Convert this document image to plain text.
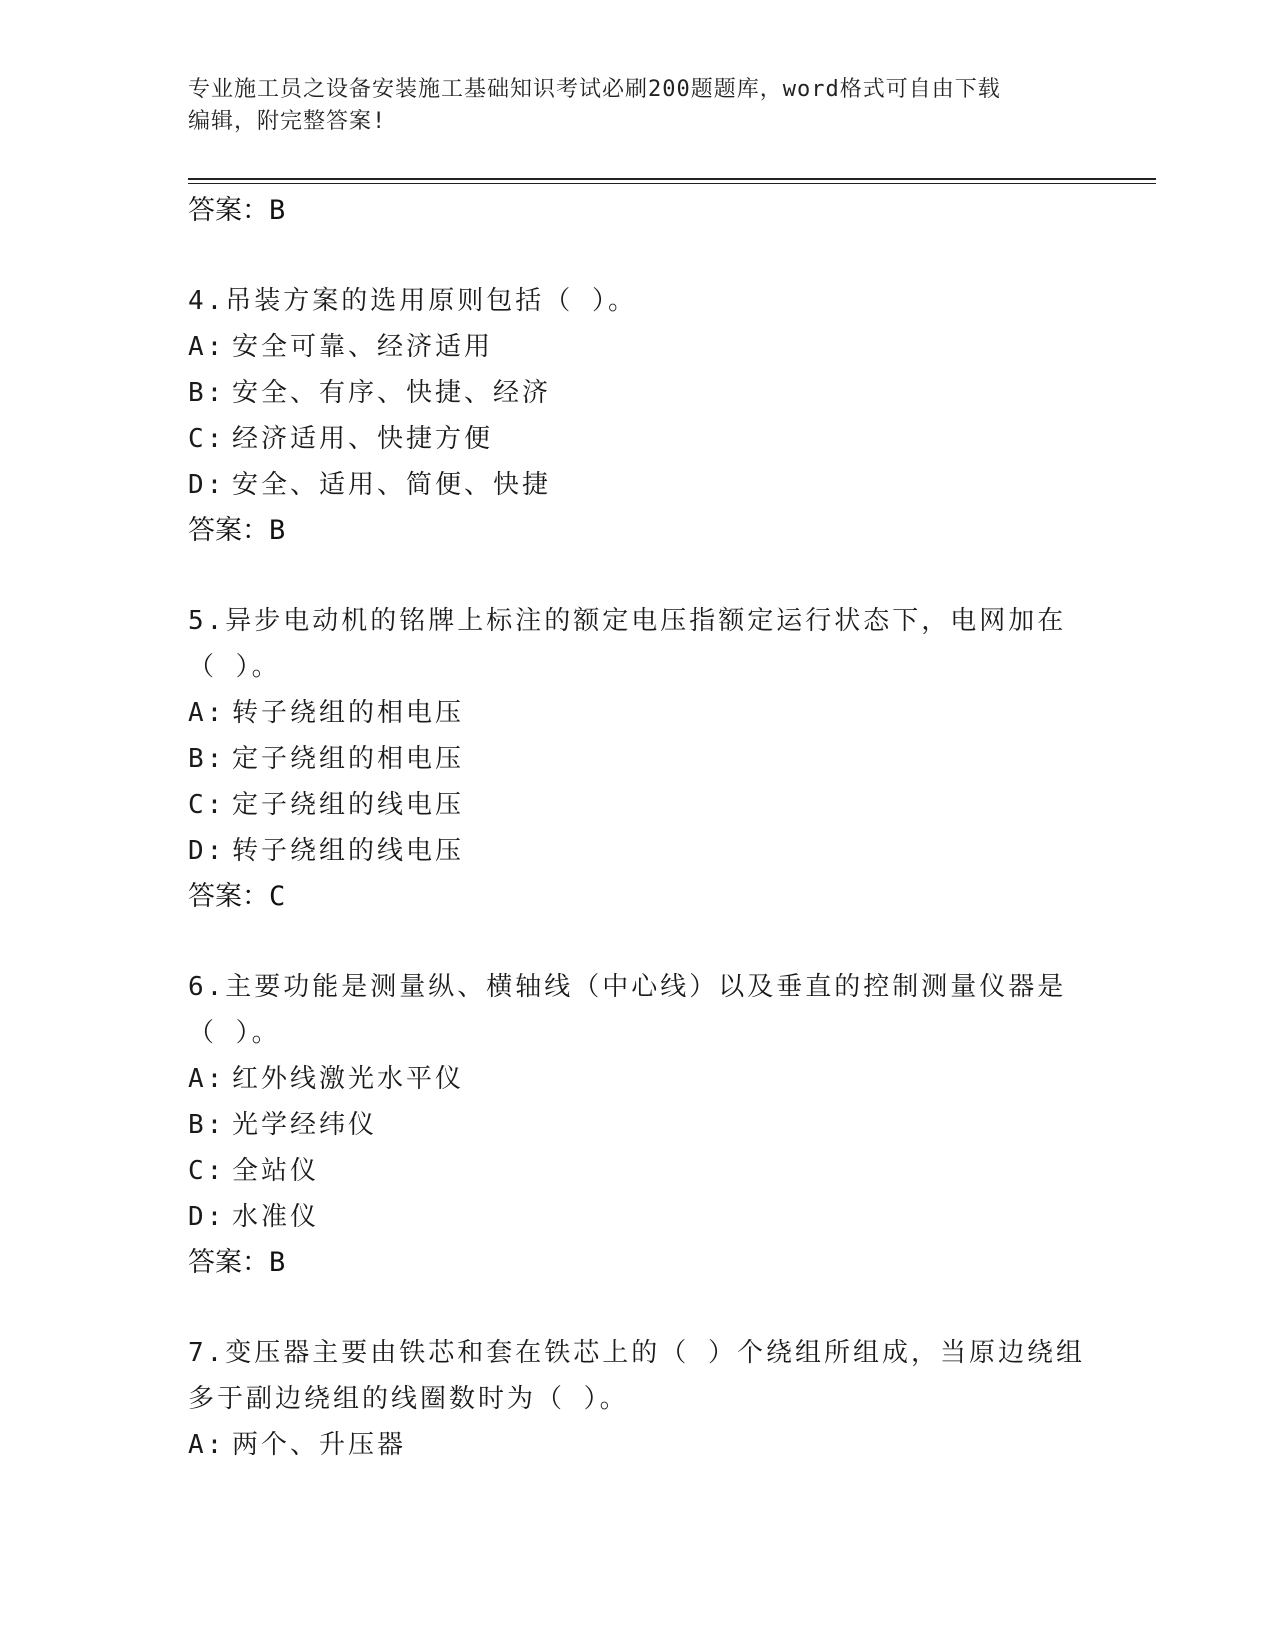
专业施工员之设备安装施工基础知识考试必刷200题题库，word格式可自由下载
编辑，附完整答案!
答案：B
4.吊装方案的选用原则包括（ ）。
A: 安全可靠、经济适用
B: 安全、有序、快捷、经济
C: 经济适用、快捷方便
D: 安全、适用、简便、快捷
答案：B
5.异步电动机的铭牌上标注的额定电压指额定运行状态下，电网加在
（ ）。
A: 转子绕组的相电压
B: 定子绕组的相电压
C: 定子绕组的线电压
D: 转子绕组的线电压
答案：C
6.主要功能是测量纵、横轴线（中心线）以及垂直的控制测量仪器是
（ ）。
A: 红外线激光水平仪
B: 光学经纬仪
C: 全站仪
D: 水准仪
答案：B
7.变压器主要由铁芯和套在铁芯上的（ ）个绕组所组成，当原边绕组
多于副边绕组的线圈数时为（ ）。
A: 两个、升压器
